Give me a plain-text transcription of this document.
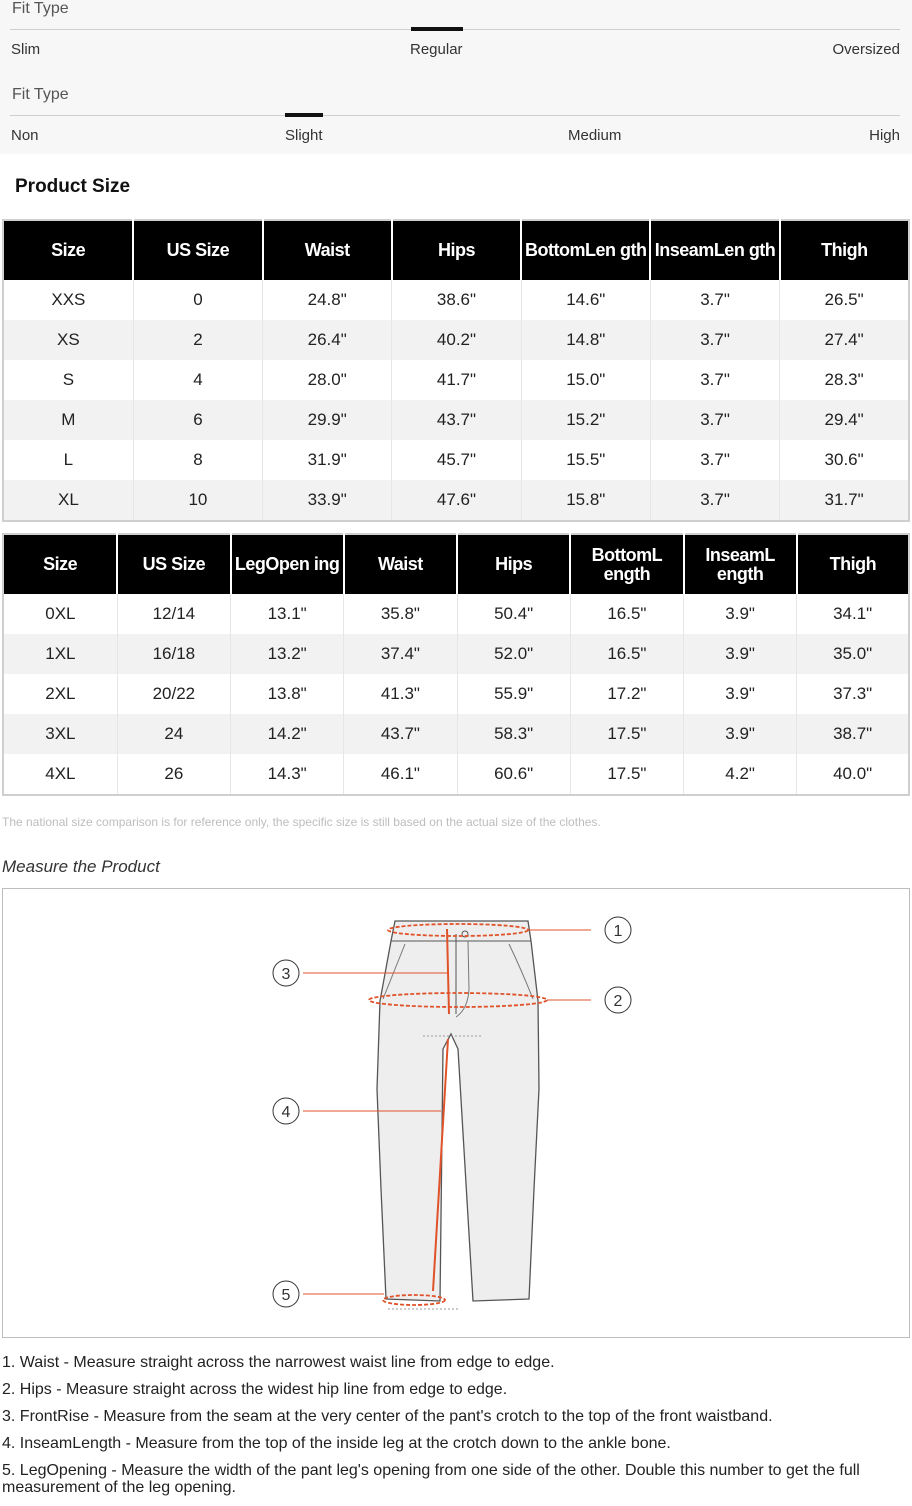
Fit Type
Slim	Regular	Oversized
Fit Type
Non	Slight	Medium	High
Product Size
Size	US Size	Waist	Hips	BottomLen gth	InseamLen gth	Thigh
XXS	0	24.8"	38.6"	14.6"	3.7"	26.5"
XS	2	26.4"	40.2"	14.8"	3.7"	27.4"
S	4	28.0"	41.7"	15.0"	3.7"	28.3"
M	6	29.9"	43.7"	15.2"	3.7"	29.4"
L	8	31.9"	45.7"	15.5"	3.7"	30.6"
XL	10	33.9"	47.6"	15.8"	3.7"	31.7"
Size	US Size	LegOpen ing	Waist	Hips	BottomL ength	InseamL ength	Thigh
0XL	12/14	13.1"	35.8"	50.4"	16.5"	3.9"	34.1"
1XL	16/18	13.2"	37.4"	52.0"	16.5"	3.9"	35.0"
2XL	20/22	13.8"	41.3"	55.9"	17.2"	3.9"	37.3"
3XL	24	14.2"	43.7"	58.3"	17.5"	3.9"	38.7"
4XL	26	14.3"	46.1"	60.6"	17.5"	4.2"	40.0"
The national size comparison is for reference only, the specific size is still based on the actual size of the clothes.
Measure the Product
1
2
3
4
5

1. Waist - Measure straight across the narrowest waist line from edge to edge.

2. Hips - Measure straight across the widest hip line from edge to edge.

3. FrontRise - Measure from the seam at the very center of the pant's crotch to the top of the front waistband.

4. InseamLength - Measure from the top of the inside leg at the crotch down to the ankle bone.

5. LegOpening - Measure the width of the pant leg's opening from one side of the other. Double this number to get the full measurement of the leg opening.
